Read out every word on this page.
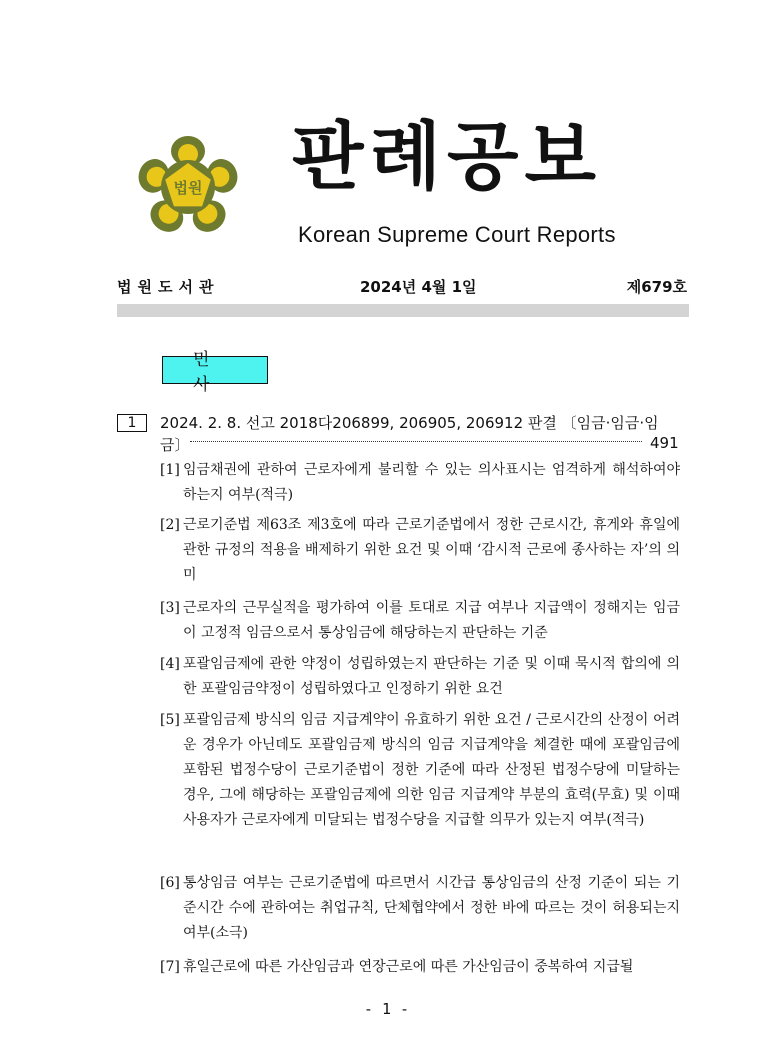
법원 판례공보
Korean Supreme Court Reports
법원도서관	2024년 4월 1일	제679호
민 사
1	2024. 2. 8. 선고 2018다206899, 206905, 206912 판결 〔임금·임금·임
금〕	491
[1] 임금채권에 관하여 근로자에게 불리할 수 있는 의사표시는 엄격하게 해석하여야 하는지 여부(적극)
[2] 근로기준법 제63조 제3호에 따라 근로기준법에서 정한 근로시간, 휴게와 휴일에 관한 규정의 적용을 배제하기 위한 요건 및 이때 ‘감시적 근로에 종사하는 자’의 의미
[3] 근로자의 근무실적을 평가하여 이를 토대로 지급 여부나 지급액이 정해지는 임금이 고정적 임금으로서 통상임금에 해당하는지 판단하는 기준
[4] 포괄임금제에 관한 약정이 성립하였는지 판단하는 기준 및 이때 묵시적 합의에 의한 포괄임금약정이 성립하였다고 인정하기 위한 요건
[5] 포괄임금제 방식의 임금 지급계약이 유효하기 위한 요건 / 근로시간의 산정이 어려운 경우가 아닌데도 포괄임금제 방식의 임금 지급계약을 체결한 때에 포괄임금에 포함된 법정수당이 근로기준법이 정한 기준에 따라 산정된 법정수당에 미달하는 경우, 그에 해당하는 포괄임금제에 의한 임금 지급계약 부분의 효력(무효) 및 이때 사용자가 근로자에게 미달되는 법정수당을 지급할 의무가 있는지 여부(적극)
[6] 통상임금 여부는 근로기준법에 따르면서 시간급 통상임금의 산정 기준이 되는 기준시간 수에 관하여는 취업규칙, 단체협약에서 정한 바에 따르는 것이 허용되는지 여부(소극)
[7] 휴일근로에 따른 가산임금과 연장근로에 따른 가산임금이 중복하여 지급될
- 1 -
